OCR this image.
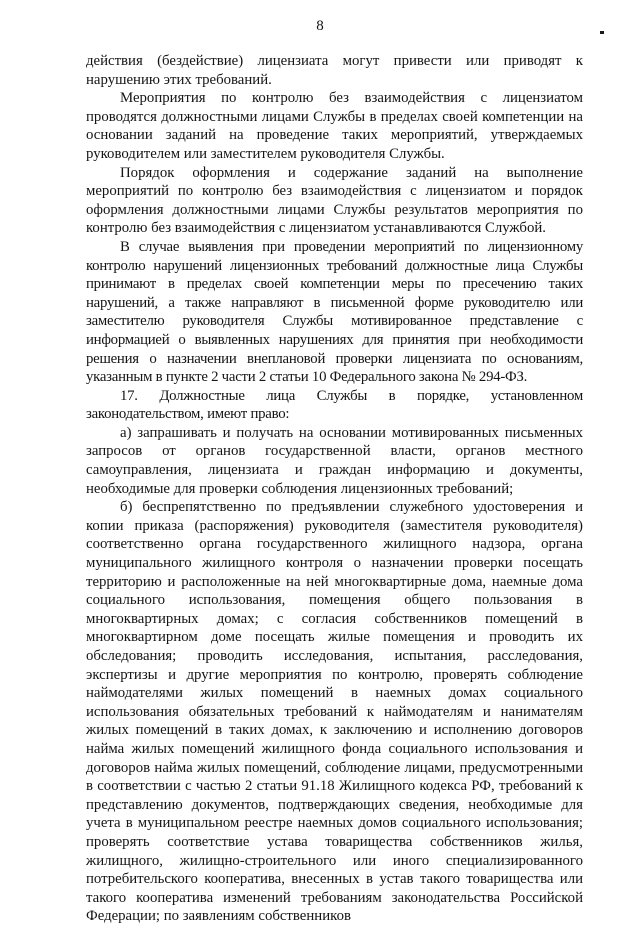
8

действия (бездействие) лицензиата могут привести или приводят к нарушению этих требований.

Мероприятия по контролю без взаимодействия с лицензиатом проводятся должностными лицами Службы в пределах своей компетенции на основании заданий на проведение таких мероприятий, утверждаемых руководителем или заместителем руководителя Службы.

Порядок оформления и содержание заданий на выполнение мероприятий по контролю без взаимодействия с лицензиатом и порядок оформления должностными лицами Службы результатов мероприятия по контролю без взаимодействия с лицензиатом устанавливаются Службой.

В случае выявления при проведении мероприятий по лицензионному контролю нарушений лицензионных требований должностные лица Службы принимают в пределах своей компетенции меры по пресечению таких нарушений, а также направляют в письменной форме руководителю или заместителю руководителя Службы мотивированное представление с информацией о выявленных нарушениях для принятия при необходимости решения о назначении внеплановой проверки лицензиата по основаниям, указанным в пункте 2 части 2 статьи 10 Федерального закона № 294-ФЗ.

17. Должностные лица Службы в порядке, установленном законодательством, имеют право:

а) запрашивать и получать на основании мотивированных письменных запросов от органов государственной власти, органов местного самоуправления, лицензиата и граждан информацию и документы, необходимые для проверки соблюдения лицензионных требований;

б) беспрепятственно по предъявлении служебного удостоверения и копии приказа (распоряжения) руководителя (заместителя руководителя) соответственно органа государственного жилищного надзора, органа муниципального жилищного контроля о назначении проверки посещать территорию и расположенные на ней многоквартирные дома, наемные дома социального использования, помещения общего пользования в многоквартирных домах; с согласия собственников помещений в многоквартирном доме посещать жилые помещения и проводить их обследования; проводить исследования, испытания, расследования, экспертизы и другие мероприятия по контролю, проверять соблюдение наймодателями жилых помещений в наемных домах социального использования обязательных требований к наймодателям и нанимателям жилых помещений в таких домах, к заключению и исполнению договоров найма жилых помещений жилищного фонда социального использования и договоров найма жилых помещений, соблюдение лицами, предусмотренными в соответствии с частью 2 статьи 91.18 Жилищного кодекса РФ, требований к представлению документов, подтверждающих сведения, необходимые для учета в муниципальном реестре наемных домов социального использования; проверять соответствие устава товарищества собственников жилья, жилищного, жилищно-строительного или иного специализированного потребительского кооператива, внесенных в устав такого товарищества или такого кооператива изменений требованиям законодательства Российской Федерации; по заявлениям собственников
